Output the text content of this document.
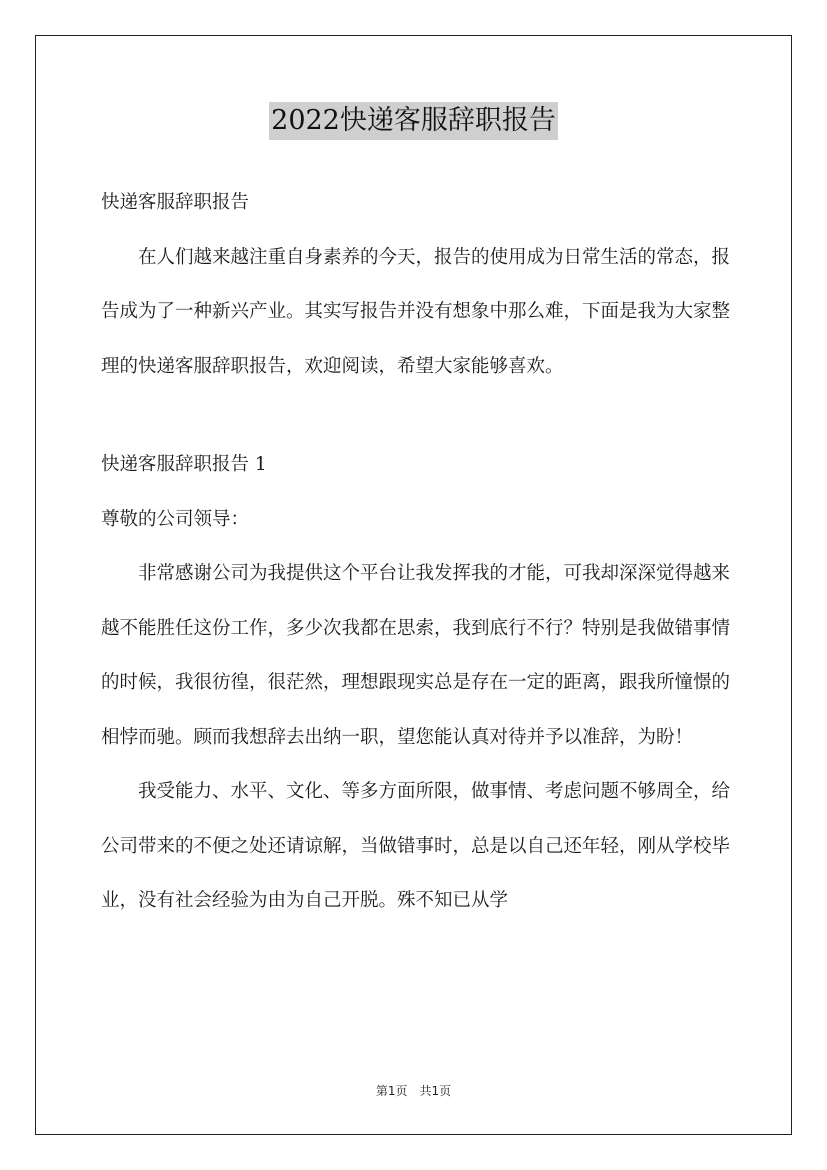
2022快递客服辞职报告

快递客服辞职报告

在人们越来越注重自身素养的今天，报告的使用成为日常生活的常态，报告成为了一种新兴产业。其实写报告并没有想象中那么难，下面是我为大家整理的快递客服辞职报告，欢迎阅读，希望大家能够喜欢。

快递客服辞职报告 1

尊敬的公司领导：

非常感谢公司为我提供这个平台让我发挥我的才能，可我却深深觉得越来越不能胜任这份工作，多少次我都在思索，我到底行不行？特别是我做错事情的时候，我很彷徨，很茫然，理想跟现实总是存在一定的距离，跟我所憧憬的相悖而驰。顾而我想辞去出纳一职，望您能认真对待并予以准辞，为盼！

我受能力、水平、文化、等多方面所限，做事情、考虑问题不够周全，给公司带来的不便之处还请谅解，当做错事时，总是以自己还年轻，刚从学校毕业，没有社会经验为由为自己开脱。殊不知已从学

第1页　共1页
